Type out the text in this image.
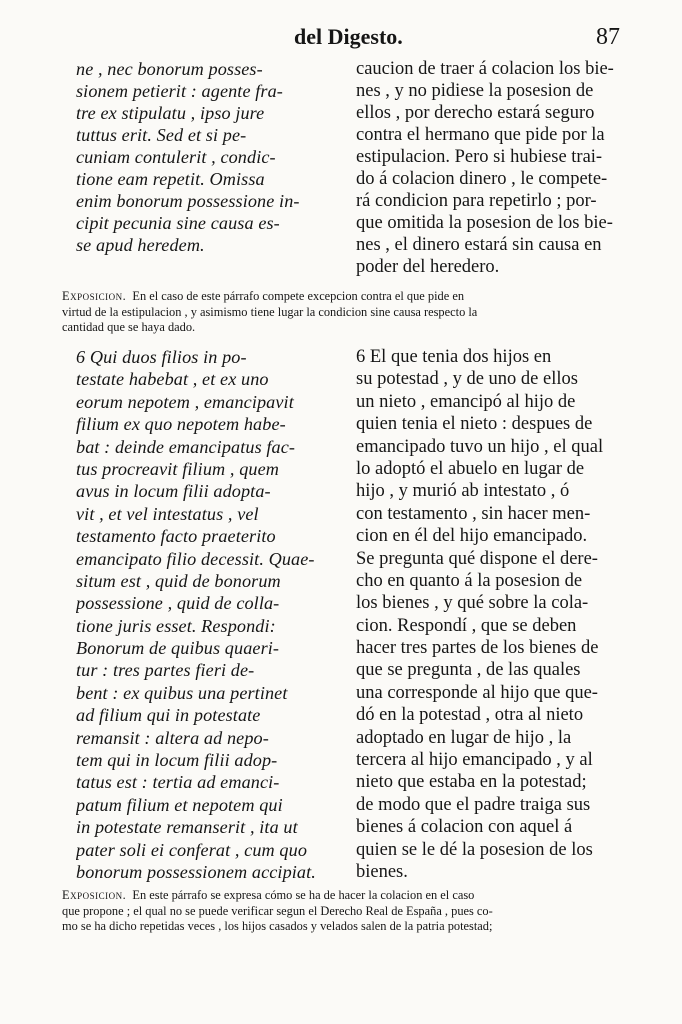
del Digesto.	87
ne , nec bonorum posses-
sionem petierit : agente fra-
tre ex stipulatu , ipso jure
tuttus erit. Sed et si pe-
cuniam contulerit , condic-
tione eam repetit. Omissa
enim bonorum possessione in-
cipit pecunia sine causa es-
se apud heredem.
caucion de traer á colacion los bie-
nes , y no pidiese la posesion de
ellos , por derecho estará seguro
contra el hermano que pide por la
estipulacion. Pero si hubiese trai-
do á colacion dinero , le compete-
rá condicion para repetirlo ; por-
que omitida la posesion de los bie-
nes , el dinero estará sin causa en
poder del heredero.
Exposicion. En el caso de este párrafo compete excepcion contra el que pide en
virtud de la estipulacion , y asimismo tiene lugar la condicion sine causa respecto la
cantidad que se haya dado.
6 Qui duos filios in po-
testate habebat , et ex uno
eorum nepotem , emancipavit
filium ex quo nepotem habe-
bat : deinde emancipatus fac-
tus procreavit filium , quem
avus in locum filii adopta-
vit , et vel intestatus , vel
testamento facto praeterito
emancipato filio decessit. Quae-
situm est , quid de bonorum
possessione , quid de colla-
tione juris esset. Respondi:
Bonorum de quibus quaeri-
tur : tres partes fieri de-
bent : ex quibus una pertinet
ad filium qui in potestate
remansit : altera ad nepo-
tem qui in locum filii adop-
tatus est : tertia ad emanci-
patum filium et nepotem qui
in potestate remanserit , ita ut
pater soli ei conferat , cum quo
bonorum possessionem accipiat.
6 El que tenia dos hijos en
su potestad , y de uno de ellos
un nieto , emancipó al hijo de
quien tenia el nieto : despues de
emancipado tuvo un hijo , el qual
lo adoptó el abuelo en lugar de
hijo , y murió ab intestato , ó
con testamento , sin hacer men-
cion en él del hijo emancipado.
Se pregunta qué dispone el dere-
cho en quanto á la posesion de
los bienes , y qué sobre la cola-
cion. Respondí , que se deben
hacer tres partes de los bienes de
que se pregunta , de las quales
una corresponde al hijo que que-
dó en la potestad , otra al nieto
adoptado en lugar de hijo , la
tercera al hijo emancipado , y al
nieto que estaba en la potestad;
de modo que el padre traiga sus
bienes á colacion con aquel á
quien se le dé la posesion de los
bienes.
Exposicion. En este párrafo se expresa cómo se ha de hacer la colacion en el caso
que propone ; el qual no se puede verificar segun el Derecho Real de España , pues co-
mo se ha dicho repetidas veces , los hijos casados y velados salen de la patria potestad;
